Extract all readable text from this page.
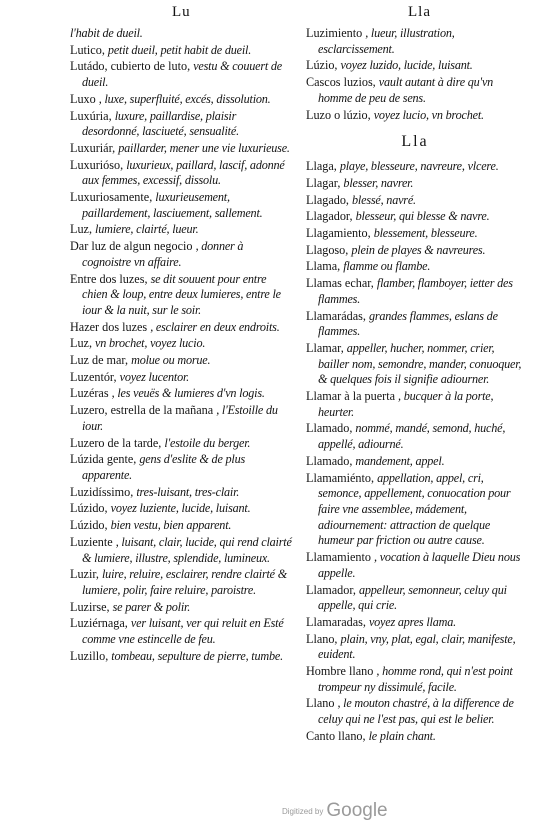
Lu	Lla
l'habit de dueil.
Lutico, petit dueil, petit habit de dueil.
Lutádo, cubierto de luto, vestu & couuert de dueil.
Luxo , luxe, superfluité, excés, dissolution.
Luxúria, luxure, paillardise, plaisir desordonné, lasciueté, sensualité.
Luxuriár, paillarder, mener une vie luxurieuse.
Luxurióso, luxurieux, paillard, lascif, adonné aux femmes, excessif, dissolu.
Luxuriosamente, luxurieusement, paillardement, lasciuement, sallement.
Luz, lumiere, clairté, lueur.
Dar luz de algun negocio , donner à cognoistre vn affaire.
Entre dos luzes, se dit souuent pour entre chien & loup, entre deux lumieres, entre le iour & la nuit, sur le soir.
Hazer dos luzes , esclairer en deux endroits.
Luz, vn brochet, voyez lucio.
Luz de mar, molue ou morue.
Luzentór, voyez lucentor.
Luzéras , les veuës & lumieres d'vn logis.
Luzero, estrella de la mañana , l'Estoille du iour.
Luzero de la tarde, l'estoile du berger.
Lúzida gente, gens d'eslite & de plus apparente.
Luzidíssimo, tres-luisant, tres-clair.
Lúzido, voyez luziente, lucide, luisant.
Lúzido, bien vestu, bien apparent.
Luziente , luisant, clair, lucide, qui rend clairté & lumiere, illustre, splendide, lumineux.
Luzir, luire, reluire, esclairer, rendre clairté & lumiere, polir, faire reluire, paroistre.
Luzirse, se parer & polir.
Luziérnaga, ver luisant, ver qui reluit en Esté comme vne estincelle de feu.
Luzillo, tombeau, sepulture de pierre, tumbe.
Luzimiento , lueur, illustration, esclarcissement.
Lúzio, voyez luzido, lucide, luisant.
Cascos luzios, vault autant à dire qu'vn homme de peu de sens.
Luzo o lúzio, voyez lucio, vn brochet.
Lla
Llaga, playe, blesseure, navreure, vlcere.
Llagar, blesser, navrer.
Llagado, blessé, navré.
Llagador, blesseur, qui blesse & navre.
Llagamiento, blessement, blesseure.
Llagoso, plein de playes & navreures.
Llama, flamme ou flambe.
Llamas echar, flamber, flamboyer, ietter des flammes.
Llamarádas, grandes flammes, eslans de flammes.
Llamar, appeller, hucher, nommer, crier, bailler nom, semondre, mander, conuoquer, & quelques fois il signifie adiourner.
Llamar à la puerta , bucquer à la porte, heurter.
Llamado, nommé, mandé, semond, huché, appellé, adiourné.
Llamado, mandement, appel.
Llamamiénto, appellation, appel, cri, semonce, appellement, conuocation pour faire vne assemblee, mádement, adiournement: attraction de quelque humeur par friction ou autre cause.
Llamamiento , vocation à laquelle Dieu nous appelle.
Llamador, appelleur, semonneur, celuy qui appelle, qui crie.
Llamaradas, voyez apres llama.
Llano, plain, vny, plat, egal, clair, manifeste, euident.
Hombre llano , homme rond, qui n'est point trompeur ny dissimulé, facile.
Llano , le mouton chastré, à la difference de celuy qui ne l'est pas, qui est le belier.
Canto llano, le plain chant.
Digitized by Google
